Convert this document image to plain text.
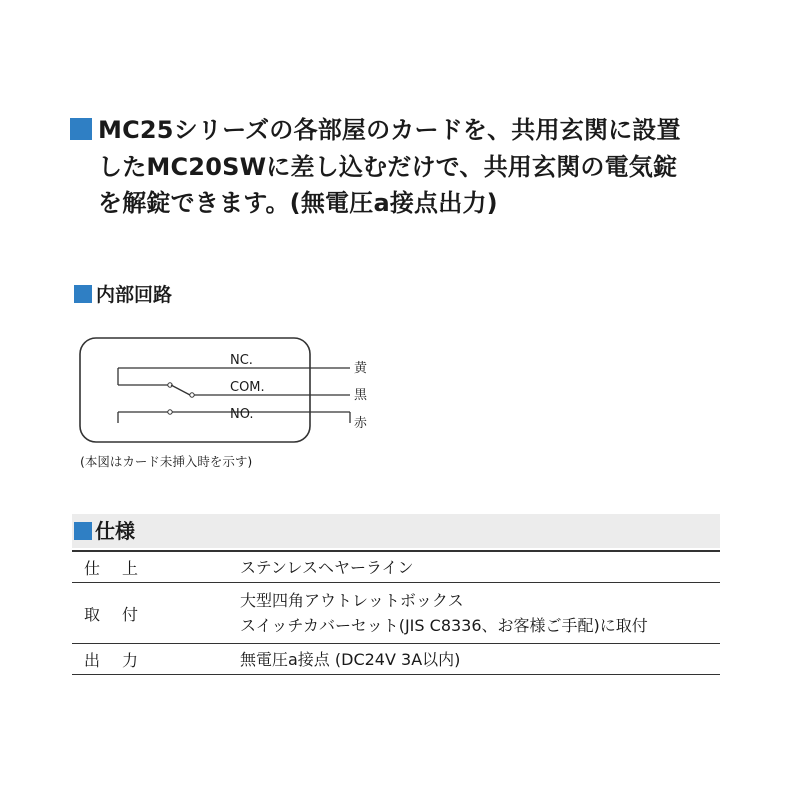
MC25シリーズの各部屋のカードを、共用玄関に設置
したMC20SWに差し込むだけで、共用玄関の電気錠
を解錠できます。(無電圧a接点出力)
内部回路
NC.
COM.
NO.
黄
黒
赤
(本図はカード未挿入時を示す)
仕様
仕上	ステンレスヘヤーライン
取付	大型四角アウトレットボックス
スイッチカバーセット(JIS C8336、お客様ご手配)に取付

出力	無電圧a接点 (DC24V 3A以内)
